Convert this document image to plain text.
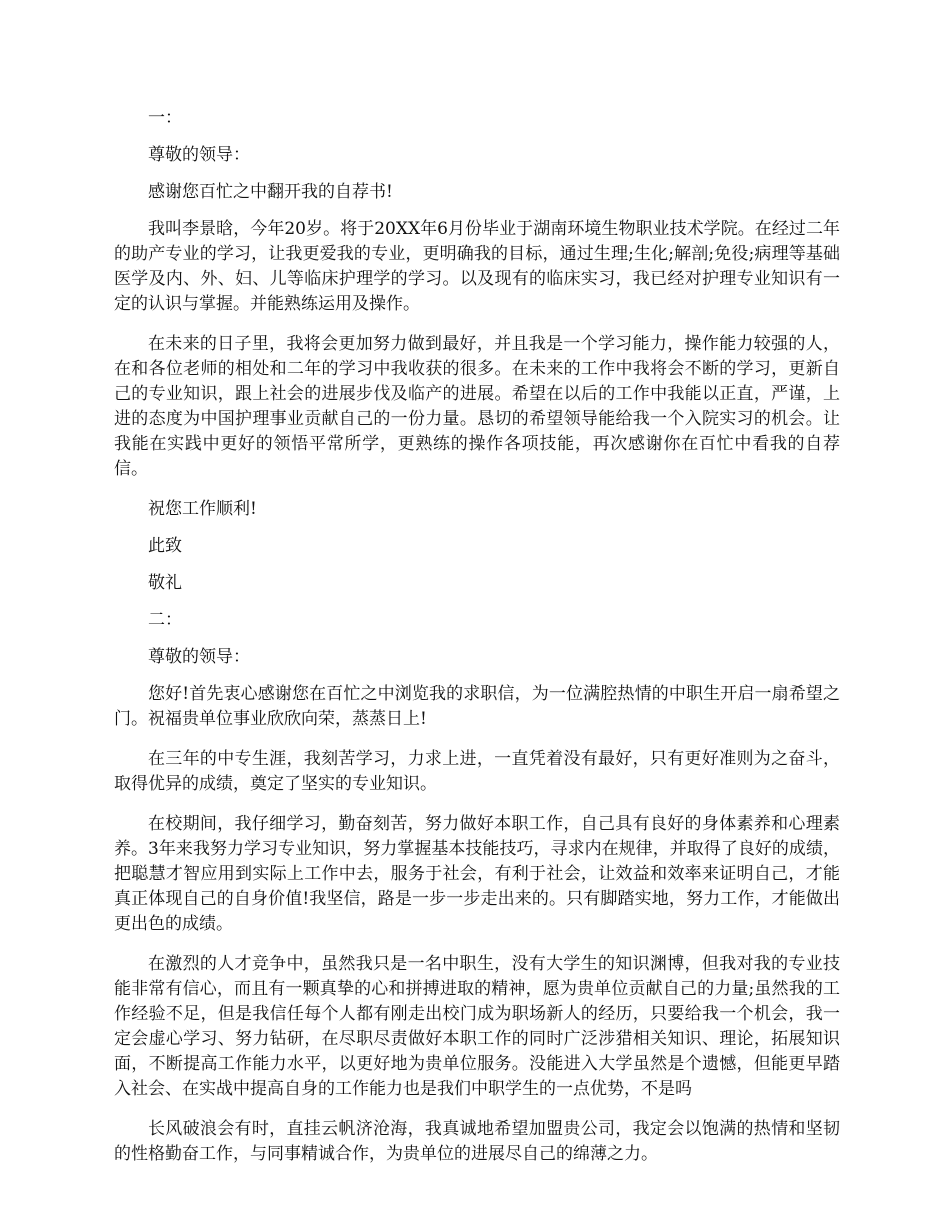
一：

尊敬的领导：

感谢您百忙之中翻开我的自荐书!

我叫李景晗，今年20岁。将于20XX年6月份毕业于湖南环境生物职业技术学院。在经过二年的助产专业的学习，让我更爱我的专业，更明确我的目标，通过生理;生化;解剖;免役;病理等基础医学及内、外、妇、儿等临床护理学的学习。以及现有的临床实习，我已经对护理专业知识有一定的认识与掌握。并能熟练运用及操作。

在未来的日子里，我将会更加努力做到最好，并且我是一个学习能力，操作能力较强的人，在和各位老师的相处和二年的学习中我收获的很多。在未来的工作中我将会不断的学习，更新自己的专业知识，跟上社会的进展步伐及临产的进展。希望在以后的工作中我能以正直，严谨，上进的态度为中国护理事业贡献自己的一份力量。恳切的希望领导能给我一个入院实习的机会。让我能在实践中更好的领悟平常所学，更熟练的操作各项技能，再次感谢你在百忙中看我的自荐信。

祝您工作顺利!

此致

敬礼

二：

尊敬的领导：

您好!首先衷心感谢您在百忙之中浏览我的求职信，为一位满腔热情的中职生开启一扇希望之门。祝福贵单位事业欣欣向荣，蒸蒸日上!

在三年的中专生涯，我刻苦学习，力求上进，一直凭着没有最好，只有更好准则为之奋斗，取得优异的成绩，奠定了坚实的专业知识。

在校期间，我仔细学习，勤奋刻苦，努力做好本职工作，自己具有良好的身体素养和心理素养。3年来我努力学习专业知识，努力掌握基本技能技巧，寻求内在规律，并取得了良好的成绩，把聪慧才智应用到实际上工作中去，服务于社会，有利于社会，让效益和效率来证明自己，才能真正体现自己的自身价值!我坚信，路是一步一步走出来的。只有脚踏实地，努力工作，才能做出更出色的成绩。

在激烈的人才竞争中，虽然我只是一名中职生，没有大学生的知识渊博，但我对我的专业技能非常有信心，而且有一颗真挚的心和拼搏进取的精神，愿为贵单位贡献自己的力量;虽然我的工作经验不足，但是我信任每个人都有刚走出校门成为职场新人的经历，只要给我一个机会，我一定会虚心学习、努力钻研，在尽职尽责做好本职工作的同时广泛涉猎相关知识、理论，拓展知识面，不断提高工作能力水平，以更好地为贵单位服务。没能进入大学虽然是个遗憾，但能更早踏入社会、在实战中提高自身的工作能力也是我们中职学生的一点优势，不是吗

长风破浪会有时，直挂云帆济沧海，我真诚地希望加盟贵公司，我定会以饱满的热情和坚韧的性格勤奋工作，与同事精诚合作，为贵单位的进展尽自己的绵薄之力。
